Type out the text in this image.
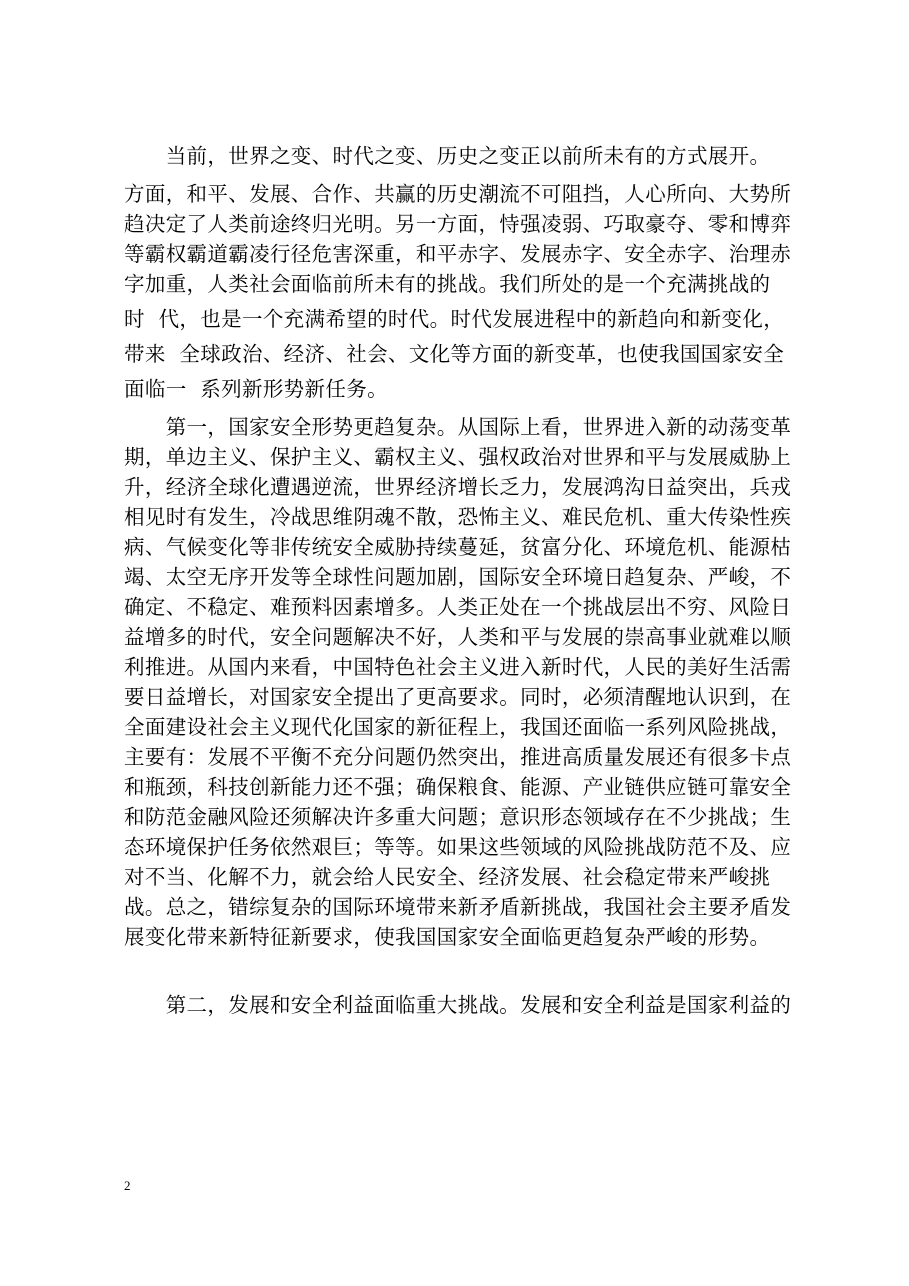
　　当前，世界之变、时代之变、历史之变正以前所未有的方式展开。
方面，和平、发展、合作、共赢的历史潮流不可阻挡，人心所向、大势所
趋决定了人类前途终归光明。另一方面，恃强凌弱、巧取豪夺、零和博弈
等霸权霸道霸凌行径危害深重，和平赤字、发展赤字、安全赤字、治理赤
字加重，人类社会面临前所未有的挑战。我们所处的是一个充满挑战的
时  代，也是一个充满希望的时代。时代发展进程中的新趋向和新变化，
带来  全球政治、经济、社会、文化等方面的新变革，也使我国国家安全
面临一  系列新形势新任务。
　　第一，国家安全形势更趋复杂。从国际上看，世界进入新的动荡变革
期，单边主义、保护主义、霸权主义、强权政治对世界和平与发展威胁上
升，经济全球化遭遇逆流，世界经济增长乏力，发展鸿沟日益突出，兵戎
相见时有发生，冷战思维阴魂不散，恐怖主义、难民危机、重大传染性疾
病、气候变化等非传统安全威胁持续蔓延，贫富分化、环境危机、能源枯
竭、太空无序开发等全球性问题加剧，国际安全环境日趋复杂、严峻，不
确定、不稳定、难预料因素增多。人类正处在一个挑战层出不穷、风险日
益增多的时代，安全问题解决不好，人类和平与发展的崇高事业就难以顺
利推进。从国内来看，中国特色社会主义进入新时代，人民的美好生活需
要日益增长，对国家安全提出了更高要求。同时，必须清醒地认识到，在
全面建设社会主义现代化国家的新征程上，我国还面临一系列风险挑战，
主要有：发展不平衡不充分问题仍然突出，推进高质量发展还有很多卡点
和瓶颈，科技创新能力还不强；确保粮食、能源、产业链供应链可靠安全
和防范金融风险还须解决许多重大问题；意识形态领域存在不少挑战；生
态环境保护任务依然艰巨；等等。如果这些领域的风险挑战防范不及、应
对不当、化解不力，就会给人民安全、经济发展、社会稳定带来严峻挑
战。总之，错综复杂的国际环境带来新矛盾新挑战，我国社会主要矛盾发
展变化带来新特征新要求，使我国国家安全面临更趋复杂严峻的形势。
　　第二，发展和安全利益面临重大挑战。发展和安全利益是国家利益的
2
